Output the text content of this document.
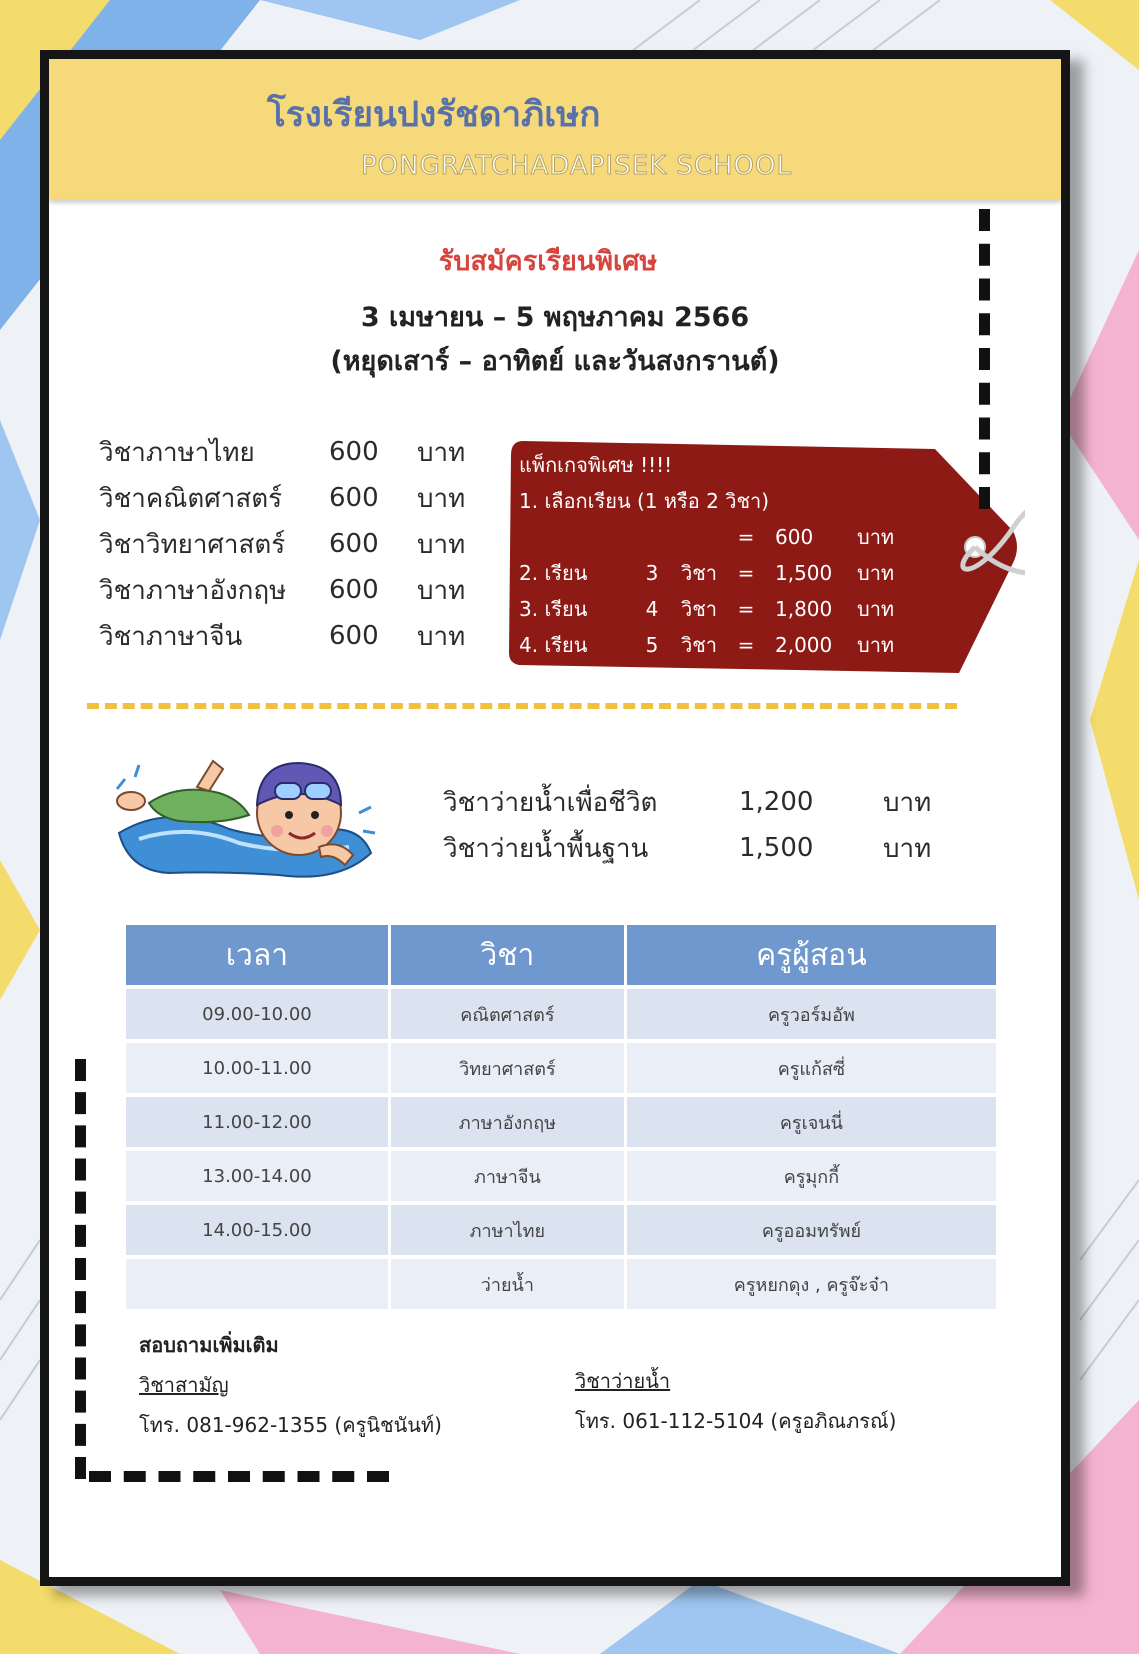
โรงเรียนปงรัชดาภิเษก
PONGRATCHADAPISEK SCHOOL
รับสมัครเรียนพิเศษ
3 เมษายน – 5 พฤษภาคม 2566
(หยุดเสาร์ – อาทิตย์ และวันสงกรานต์)
วิชาภาษาไทย	600	บาท
วิชาคณิตศาสตร์	600	บาท
วิชาวิทยาศาสตร์	600	บาท
วิชาภาษาอังกฤษ	600	บาท
วิชาภาษาจีน	600	บาท
แพ็กเกจพิเศษ !!!!
1. เลือกเรียน (1 หรือ 2 วิชา)
=	600	บาท
2. เรียน	3	วิชา	=	1,500	บาท
3. เรียน	4	วิชา	=	1,800	บาท
4. เรียน	5	วิชา	=	2,000	บาท
วิชาว่ายน้ำเพื่อชีวิต	1,200	บาท
วิชาว่ายน้ำพื้นฐาน	1,500	บาท
เวลา	วิชา	ครูผู้สอน
09.00-10.00	คณิตศาสตร์	ครูวอร์มอัพ
10.00-11.00	วิทยาศาสตร์	ครูแก้สซี่
11.00-12.00	ภาษาอังกฤษ	ครูเจนนี่
13.00-14.00	ภาษาจีน	ครูมุกกี้
14.00-15.00	ภาษาไทย	ครูออมทรัพย์
	ว่ายน้ำ	ครูหยกดุง , ครูจ๊ะจ๋า
สอบถามเพิ่มเติม
วิชาสามัญ
โทร. 081-962-1355 (ครูนิชนันท์)
วิชาว่ายน้ำ
โทร. 061-112-5104 (ครูอภิณภรณ์)
